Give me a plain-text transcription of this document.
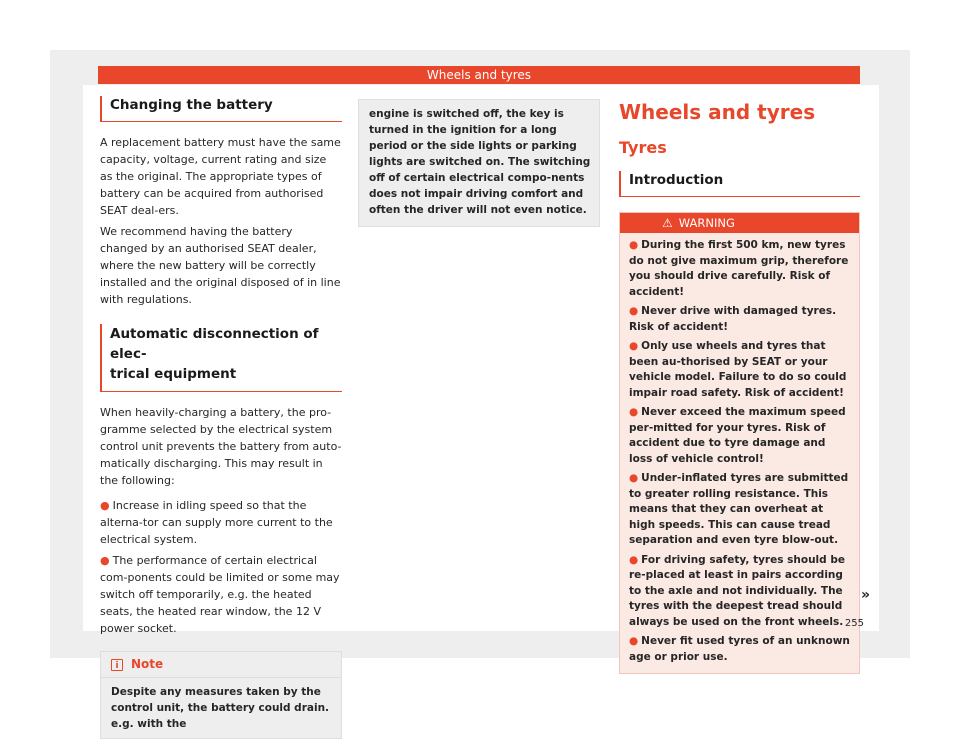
Wheels and tyres
Changing the battery

A replacement battery must have the same capacity, voltage, current rating and size as the original. The appropriate types of battery can be acquired from authorised SEAT deal-ers.

We recommend having the battery changed by an authorised SEAT dealer, where the new battery will be correctly installed and the original disposed of in line with regulations.

Automatic disconnection of elec-
trical equipment

When heavily-charging a battery, the pro-gramme selected by the electrical system control unit prevents the battery from auto-matically discharging. This may result in the following:

● Increase in idling speed so that the alterna-tor can supply more current to the electrical system.
● The performance of certain electrical com-ponents could be limited or some may switch off temporarily, e.g. the heated seats, the heated rear window, the 12 V power socket.
i Note
Despite any measures taken by the control unit, the battery could drain. e.g. with the
engine is switched off, the key is turned in the ignition for a long period or the side lights or parking lights are switched on. The switching off of certain electrical compo-nents does not impair driving comfort and often the driver will not even notice.
Wheels and tyres
Tyres
Introduction
⚠ WARNING
● During the first 500 km, new tyres do not give maximum grip, therefore you should drive carefully. Risk of accident!
● Never drive with damaged tyres. Risk of accident!
● Only use wheels and tyres that been au-thorised by SEAT or your vehicle model. Failure to do so could impair road safety. Risk of accident!
● Never exceed the maximum speed per-mitted for your tyres. Risk of accident due to tyre damage and loss of vehicle control!
● Under-inflated tyres are submitted to greater rolling resistance. This means that they can overheat at high speeds. This can cause tread separation and even tyre blow-out.
● For driving safety, tyres should be re-placed at least in pairs according to the axle and not individually. The tyres with the deepest tread should always be used on the front wheels.
● Never fit used tyres of an unknown age or prior use.
»
255
